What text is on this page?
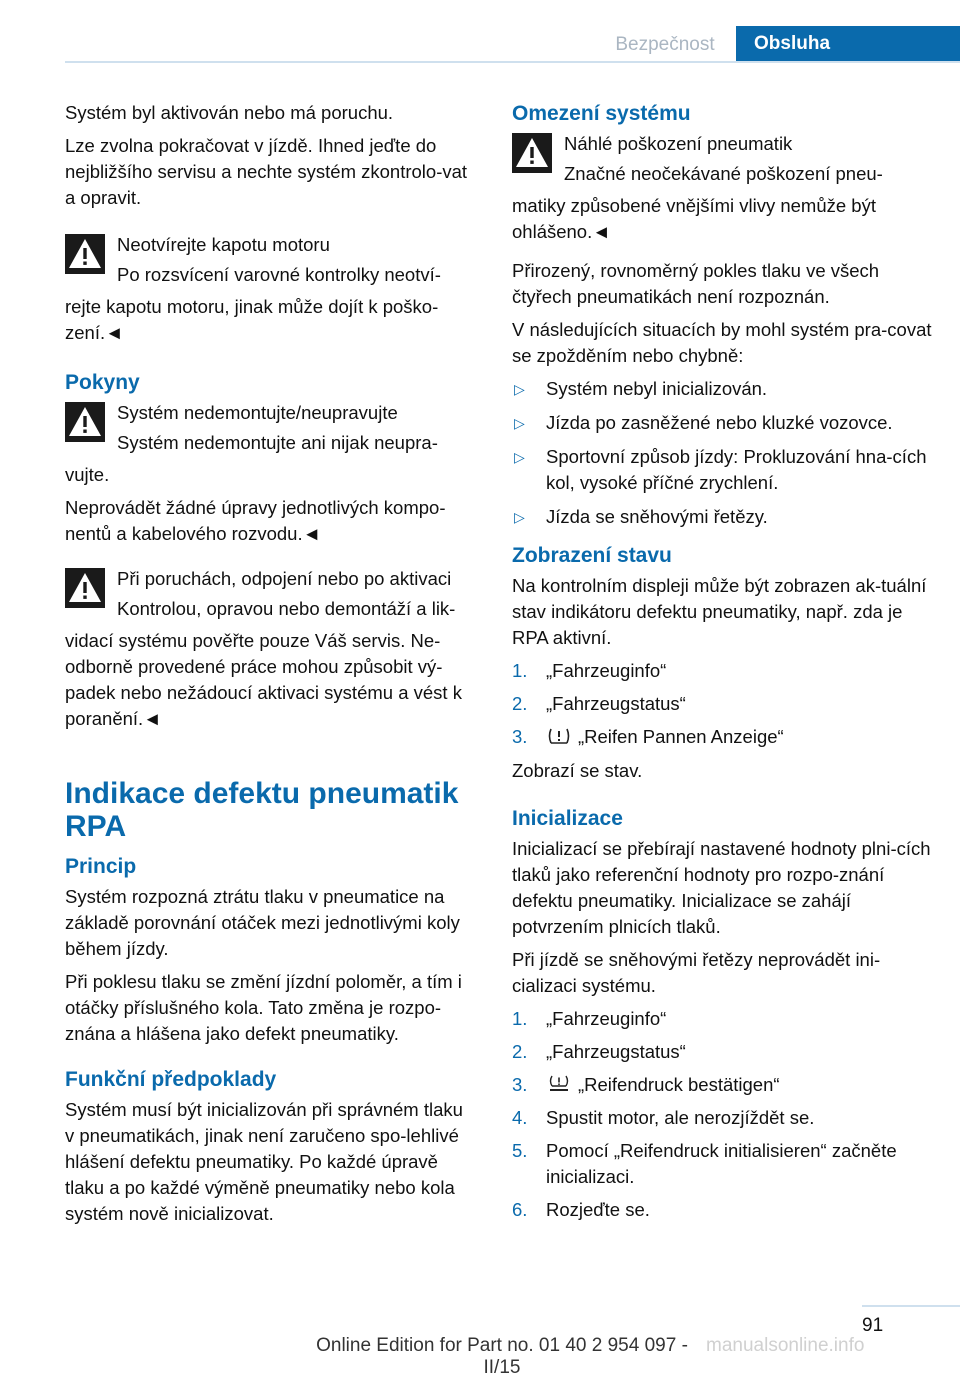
Bezpečnost	Obsluha

Systém byl aktivován nebo má poruchu.

Lze zvolna pokračovat v jízdě. Ihned jeďte do nejbližšího servisu a nechte systém zkontrolo-vat a opravit.

Neotvírejte kapotu motoru
Po rozsvícení varovné kontrolky neotví-

rejte kapotu motoru, jinak může dojít k poško-zení.◄

Pokyny
Systém nedemontujte/neupravujte
Systém nedemontujte ani nijak neupra-

vujte.

Neprovádět žádné úpravy jednotlivých kompo-nentů a kabelového rozvodu.◄

Při poruchách, odpojení nebo po aktivaci
Kontrolou, opravou nebo demontáží a lik-

vidací systému pověřte pouze Váš servis. Ne-odborně provedené práce mohou způsobit vý-padek nebo nežádoucí aktivaci systému a vést k poranění.◄

Indikace defektu pneumatik RPA
Princip

Systém rozpozná ztrátu tlaku v pneumatice na základě porovnání otáček mezi jednotlivými koly během jízdy.

Při poklesu tlaku se změní jízdní poloměr, a tím i otáčky příslušného kola. Tato změna je rozpo-znána a hlášena jako defekt pneumatiky.

Funkční předpoklady

Systém musí být inicializován při správném tlaku v pneumatikách, jinak není zaručeno spo-lehlivé hlášení defektu pneumatiky. Po každé úpravě tlaku a po každé výměně pneumatiky nebo kola systém nově inicializovat.

Omezení systému
Náhlé poškození pneumatik
Značné neočekávané poškození pneu-

matiky způsobené vnějšími vlivy nemůže být ohlášeno.◄

Přirozený, rovnoměrný pokles tlaku ve všech čtyřech pneumatikách není rozpoznán.

V následujících situacích by mohl systém pra-covat se zpožděním nebo chybně:

▷ Systém nebyl inicializován.
▷ Jízda po zasněžené nebo kluzké vozovce.
▷ Sportovní způsob jízdy: Prokluzování hna-cích kol, vysoké příčné zrychlení.
▷ Jízda se sněhovými řetězy.
Zobrazení stavu

Na kontrolním displeji může být zobrazen ak-tuální stav indikátoru defektu pneumatiky, např. zda je RPA aktivní.

1. „Fahrzeuginfo“
2. „Fahrzeugstatus“
3.	„Reifen Pannen Anzeige“

Zobrazí se stav.

Inicializace

Inicializací se přebírají nastavené hodnoty plni-cích tlaků jako referenční hodnoty pro rozpo-znání defektu pneumatiky. Inicializace se zahájí potvrzením plnicích tlaků.

Při jízdě se sněhovými řetězy neprovádět ini-cializaci systému.

1. „Fahrzeuginfo“
2. „Fahrzeugstatus“
3.	„Reifendruck bestätigen“
4. Spustit motor, ale nerozjíždět se.
5. Pomocí „Reifendruck initialisieren“ začněte inicializaci.
6. Rozjeďte se.
91
Online Edition for Part no. 01 40 2 954 097 - II/15
manualsonline.info
